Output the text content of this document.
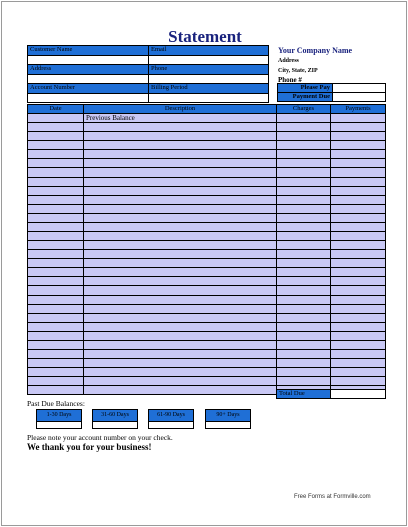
Statement
Customer Name	Email

Address	Phone

Account Number	Billing Period

Your Company Name
Address
City, State, ZIP
Phone #
Please Pay	
Payment Due	
Date	Description	Charges	Payments
	Previous Balance		

Total Due	
Past Due Balances:
1-30 Days	31-60 Days	61-90 Days	90+ Days
Please note your account number on your check.
We thank you for your business!
Free Forms at Formville.com
